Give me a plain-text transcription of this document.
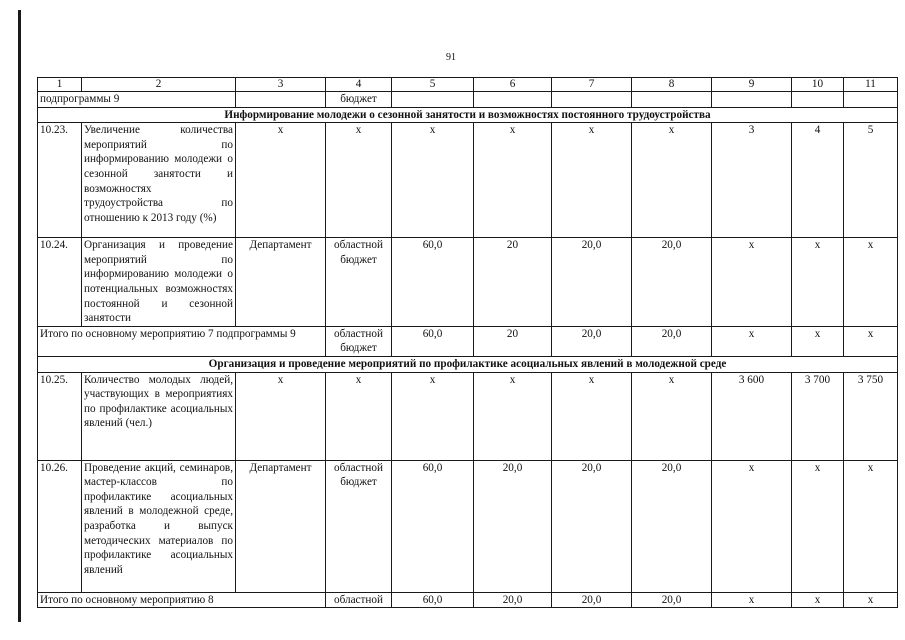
91
1	2	3	4	5	6	7	8	9	10	11
подпрограммы 9			бюджет							
Информирование молодежи о сезонной занятости и возможностях постоянного трудоустройства										
10.23.	Увеличение количества мероприятий по информированию молодежи о сезонной занятости и возможностях трудоустройства по отношению к 2013 году (%)	х	х	х	х	х	х	3	4	5
10.24.	Организация и проведение мероприятий по информированию молодежи о потенциальных возможностях постоянной и сезонной занятости	Департамент	областной бюджет	60,0	20	20,0	20,0	х	х	х
Итого по основному мероприятию 7 подпрограммы 9			областной бюджет	60,0	20	20,0	20,0	х	х	х
Организация и проведение мероприятий по профилактике асоциальных явлений в молодежной среде										
10.25.	Количество молодых людей, участвующих в мероприятиях по профилактике асоциальных явлений (чел.)	х	х	х	х	х	х	3 600	3 700	3 750
10.26.	Проведение акций, семинаров, мастер-классов по профилактике асоциальных явлений в молодежной среде, разработка и выпуск методических материалов по профилактике асоциальных явлений	Департамент	областной бюджет	60,0	20,0	20,0	20,0	х	х	х
Итого по основному мероприятию 8			областной	60,0	20,0	20,0	20,0	х	х	х
